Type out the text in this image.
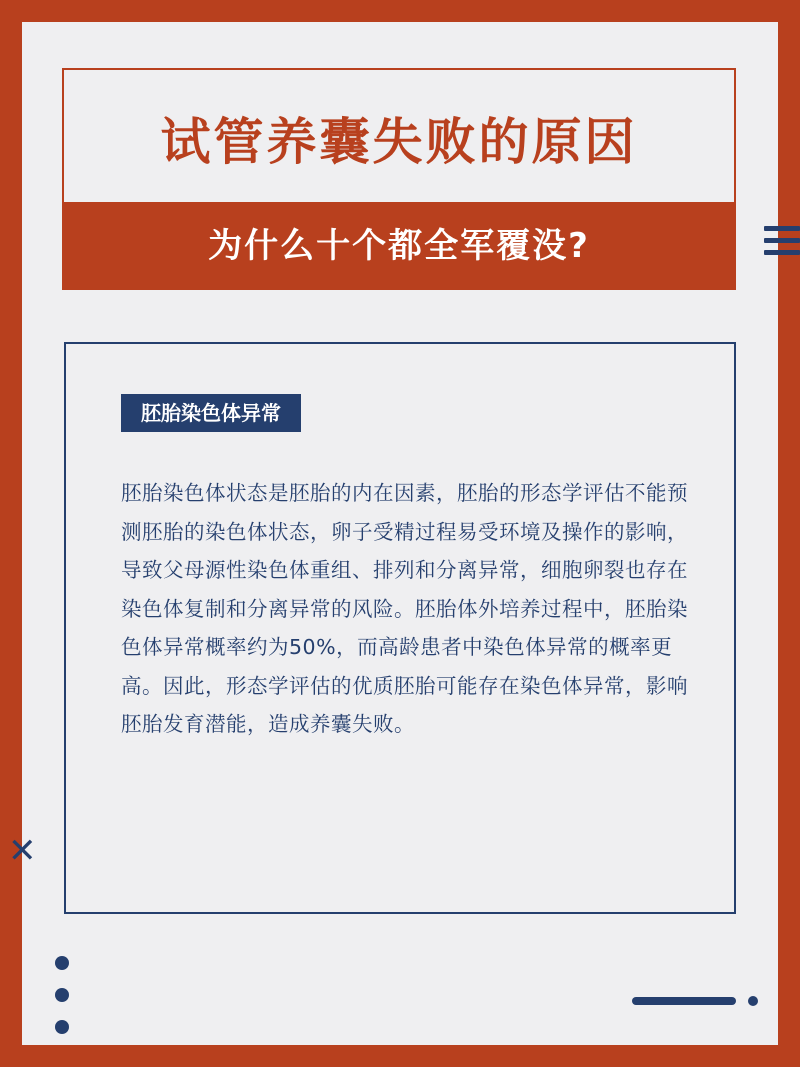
试管养囊失败的原因
为什么十个都全军覆没?
胚胎染色体异常
胚胎染色体状态是胚胎的内在因素，胚胎的形态学评估不能预测胚胎的染色体状态，卵子受精过程易受环境及操作的影响，导致父母源性染色体重组、排列和分离异常，细胞卵裂也存在染色体复制和分离异常的风险。胚胎体外培养过程中，胚胎染色体异常概率约为50%，而高龄患者中染色体异常的概率更高。因此，形态学评估的优质胚胎可能存在染色体异常，影响胚胎发育潜能，造成养囊失败。
✕
